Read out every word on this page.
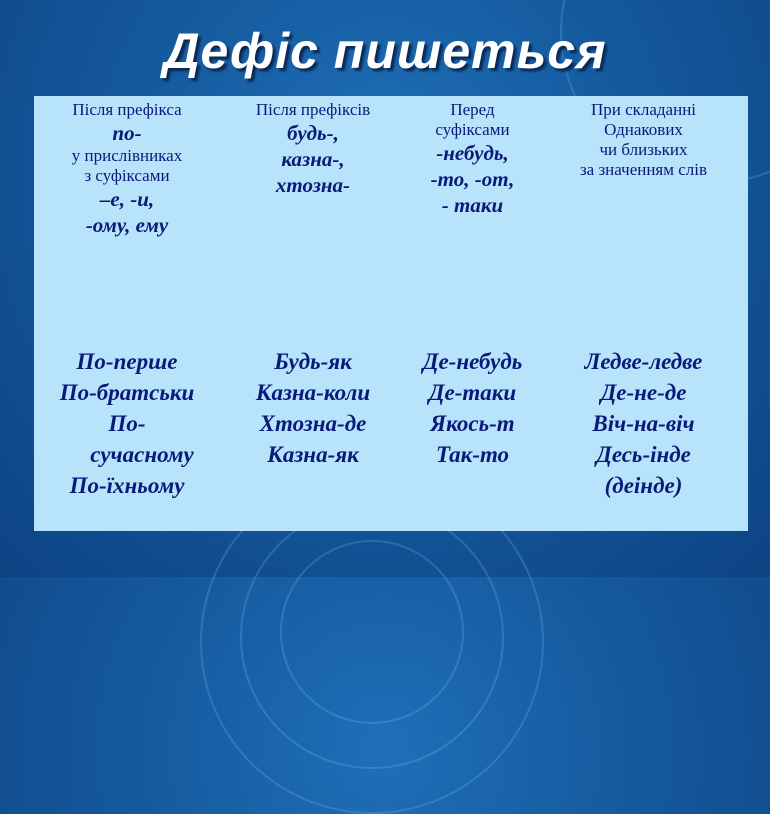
Дефіс пишеться
Після префікса
по-
у прислівниках
з суфіксами
–е, -и,
-ому, ему
Після префіксів
будь-,
казна-,
хтозна-
Перед
суфіксами
-небудь,
-то, -от,
- таки
При складанні
Однакових
чи близьких
за значенням слів
По-перше
По-братськи
По-
сучасному
По-їхньому
Будь-як
Казна-коли
Хтозна-де
Казна-як
Де-небудь
Де-таки
Якось-т
Так-то
Ледве-ледве
Де-не-де
Віч-на-віч
Десь-інде
(деінде)
